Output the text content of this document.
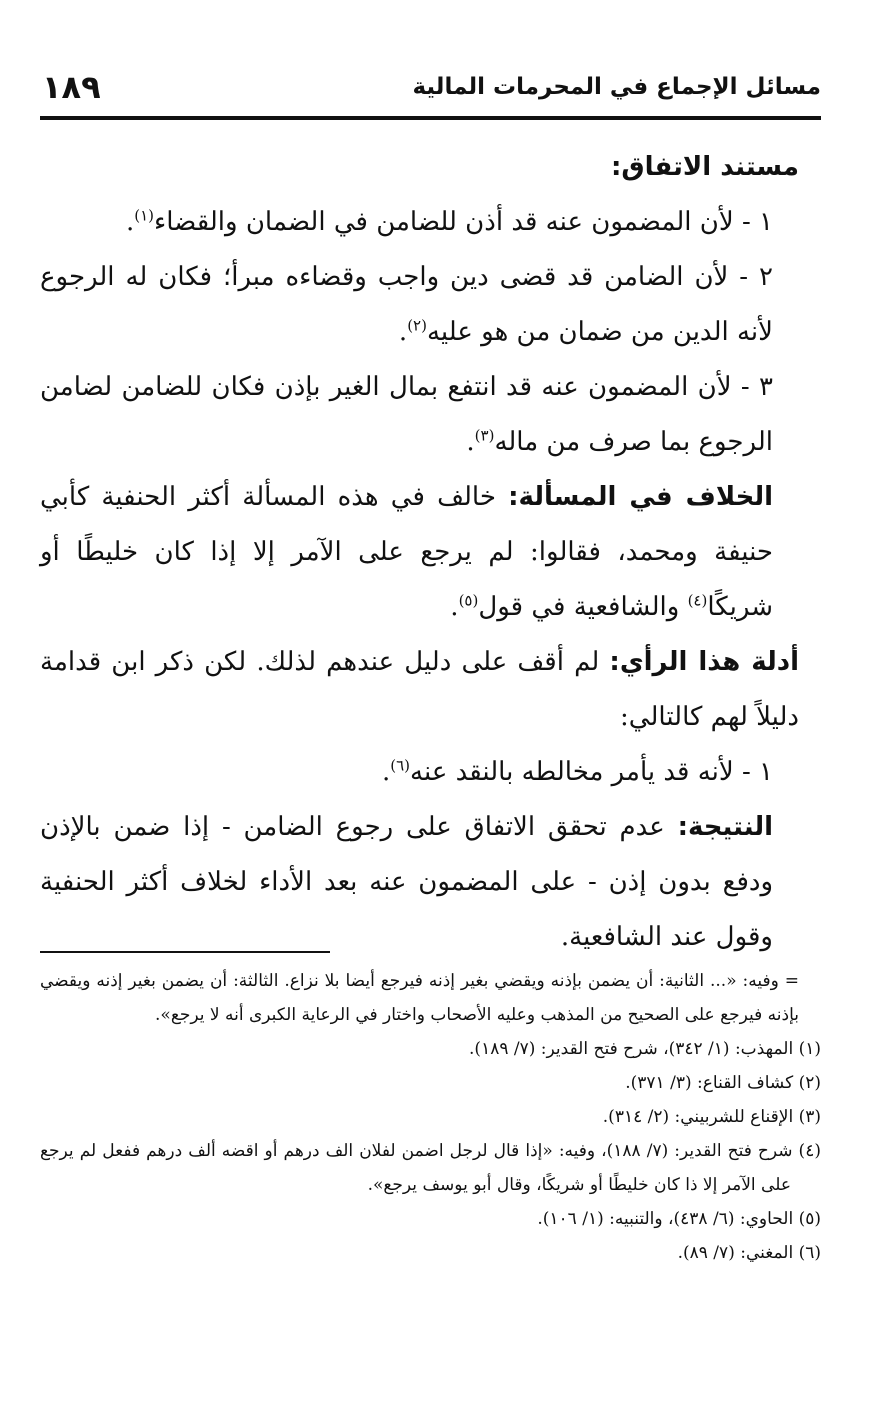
مسائل الإجماع في المحرمات المالية
١٨٩

مستند الاتفاق:

١ - لأن المضمون عنه قد أذن للضامن في الضمان والقضاء$^{(١)}$.

٢ - لأن الضامن قد قضى دين واجب وقضاءه مبرأ؛ فكان له الرجوع لأنه الدين من ضمان من هو عليه$^{(٢)}$.

٣ - لأن المضمون عنه قد انتفع بمال الغير بإذن فكان للضامن لضامن الرجوع بما صرف من ماله$^{(٣)}$.

الخلاف في المسألة: خالف في هذه المسألة أكثر الحنفية كأبي حنيفة ومحمد، فقالوا: لم يرجع على الآمر إلا إذا كان خليطًا أو شريكًا$^{(٤)}$ والشافعية في قول$^{(٥)}$.

أدلة هذا الرأي: لم أقف على دليل عندهم لذلك. لكن ذكر ابن قدامة دليلاً لهم كالتالي:

١ - لأنه قد يأمر مخالطه بالنقد عنه$^{(٦)}$.

النتيجة: عدم تحقق الاتفاق على رجوع الضامن - إذا ضمن بالإذن ودفع بدون إذن - على المضمون عنه بعد الأداء لخلاف أكثر الحنفية وقول عند الشافعية.

= وفيه: «... الثانية: أن يضمن بإذنه ويقضي بغير إذنه فيرجع أيضا بلا نزاع. الثالثة: أن يضمن بغير إذنه ويقضي بإذنه فيرجع على الصحيح من المذهب وعليه الأصحاب واختار في الرعاية الكبرى أنه لا يرجع».

(١) المهذب: (١/ ٣٤٢)، شرح فتح القدير: (٧/ ١٨٩).

(٢) كشاف القناع: (٣/ ٣٧١).

(٣) الإقناع للشربيني: (٢/ ٣١٤).

(٤) شرح فتح القدير: (٧/ ١٨٨)، وفيه: «إذا قال لرجل اضمن لفلان الف درهم أو اقضه ألف درهم ففعل لم يرجع على الآمر إلا ذا كان خليطًا أو شريكًا، وقال أبو يوسف يرجع».

(٥) الحاوي: (٦/ ٤٣٨)، والتنبيه: (١/ ١٠٦).

(٦) المغني: (٧/ ٨٩).
